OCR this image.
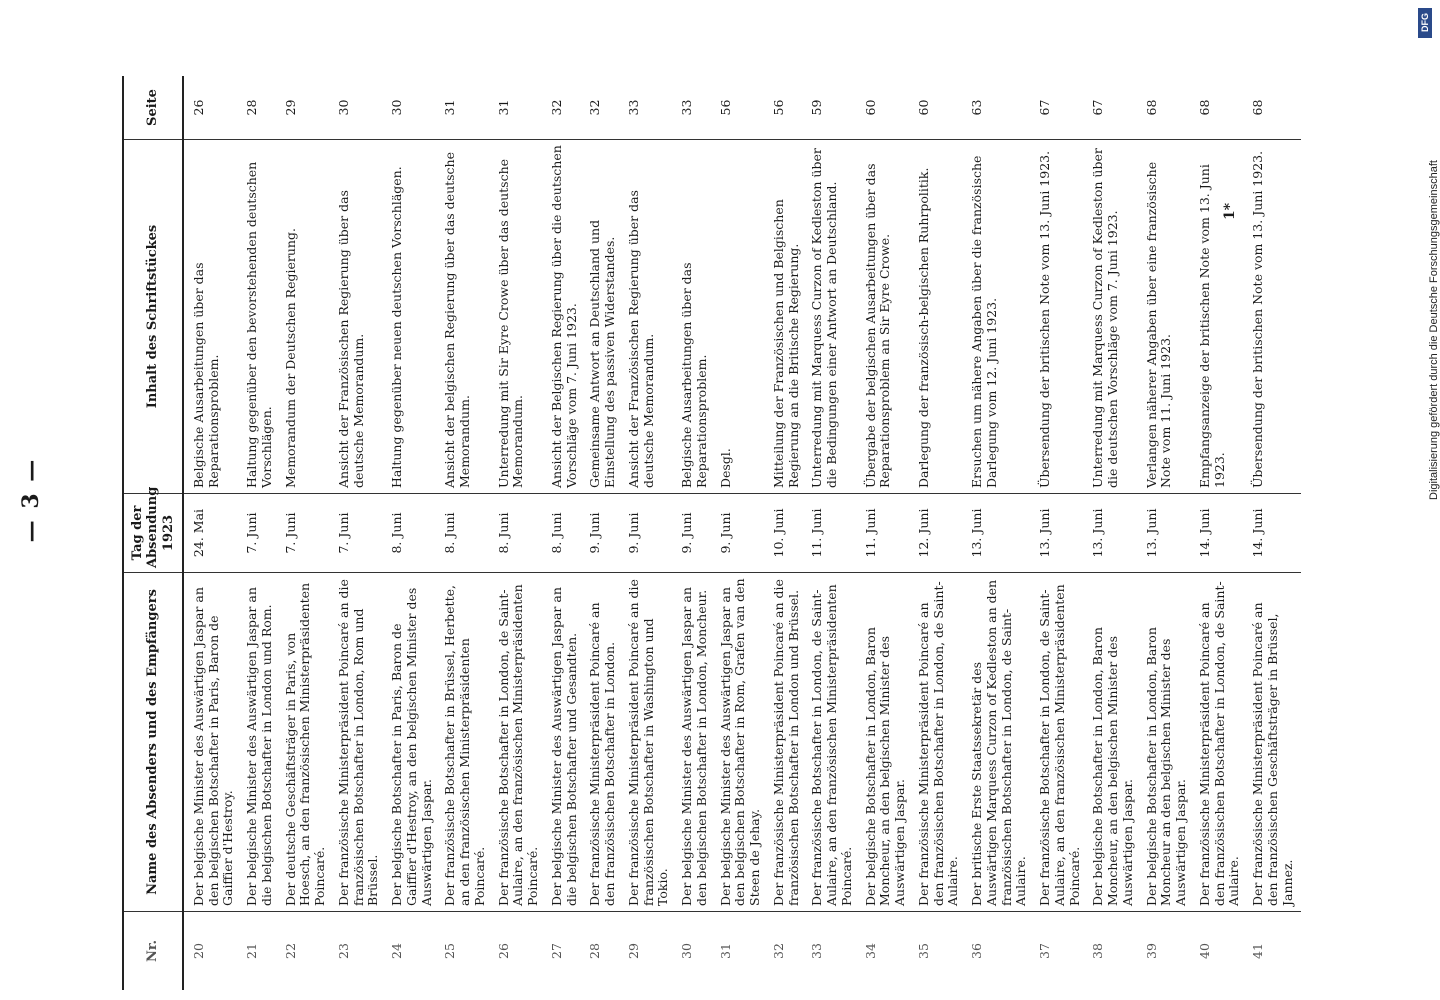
— 3 —
Nr.	Name des Absenders und des Empfängers	Tag der Absendung 1923	Inhalt des Schriftstückes	Seite
20	Der belgische Minister des Auswärtigen Jaspar an den belgischen Botschafter in Paris, Baron de Gaiffier d'Hestroy.	24. Mai	Belgische Ausarbeitungen über das Reparationsproblem.	26
21	Der belgische Minister des Auswärtigen Jaspar an die belgischen Botschafter in London und Rom.	7. Juni	Haltung gegenüber den bevorstehenden deutschen Vorschlägen.	28
22	Der deutsche Geschäftsträger in Paris, von Hoesch, an den französischen Ministerpräsidenten Poincaré.	7. Juni	Memorandum der Deutschen Regierung.	29
23	Der französische Ministerpräsident Poincaré an die französischen Botschafter in London, Rom und Brüssel.	7. Juni	Ansicht der Französischen Regierung über das deutsche Memorandum.	30
24	Der belgische Botschafter in Paris, Baron de Gaiffier d'Hestroy, an den belgischen Minister des Auswärtigen Jaspar.	8. Juni	Haltung gegenüber neuen deutschen Vorschlägen.	30
25	Der französische Botschafter in Brüssel, Herbette, an den französischen Ministerpräsidenten Poincaré.	8. Juni	Ansicht der belgischen Regierung über das deutsche Memorandum.	31
26	Der französische Botschafter in London, de Saint-Aulaire, an den französischen Ministerpräsidenten Poincaré.	8. Juni	Unterredung mit Sir Eyre Crowe über das deutsche Memorandum.	31
27	Der belgische Minister des Auswärtigen Jaspar an die belgischen Botschafter und Gesandten.	8. Juni	Ansicht der Belgischen Regierung über die deutschen Vorschläge vom 7. Juni 1923.	32
28	Der französische Ministerpräsident Poincaré an den französischen Botschafter in London.	9. Juni	Gemeinsame Antwort an Deutschland und Einstellung des passiven Widerstandes.	32
29	Der französische Ministerpräsident Poincaré an die französischen Botschafter in Washington und Tokio.	9. Juni	Ansicht der Französischen Regierung über das deutsche Memorandum.	33
30	Der belgische Minister des Auswärtigen Jaspar an den belgischen Botschafter in London, Moncheur.	9. Juni	Belgische Ausarbeitungen über das Reparationsproblem.	33
31	Der belgische Minister des Auswärtigen Jaspar an den belgischen Botschafter in Rom, Grafen van den Steen de Jehay.	9. Juni	Desgl.	56
32	Der französische Ministerpräsident Poincaré an die französischen Botschafter in London und Brüssel.	10. Juni	Mitteilung der Französischen und Belgischen Regierung an die Britische Regierung.	56
33	Der französische Botschafter in London, de Saint-Aulaire, an den französischen Ministerpräsidenten Poincaré.	11. Juni	Unterredung mit Marquess Curzon of Kedleston über die Bedingungen einer Antwort an Deutschland.	59
34	Der belgische Botschafter in London, Baron Moncheur, an den belgischen Minister des Auswärtigen Jaspar.	11. Juni	Übergabe der belgischen Ausarbeitungen über das Reparationsproblem an Sir Eyre Crowe.	60
35	Der französische Ministerpräsident Poincaré an den französischen Botschafter in London, de Saint-Aulaire.	12. Juni	Darlegung der französisch-belgischen Ruhrpolitik.	60
36	Der britische Erste Staatssekretär des Auswärtigen Marquess Curzon of Kedleston an den französischen Botschafter in London, de Saint-Aulaire.	13. Juni	Ersuchen um nähere Angaben über die französische Darlegung vom 12. Juni 1923.	63
37	Der französische Botschafter in London, de Saint-Aulaire, an den französischen Ministerpräsidenten Poincaré.	13. Juni	Übersendung der britischen Note vom 13. Juni 1923.	67
38	Der belgische Botschafter in London, Baron Moncheur, an den belgischen Minister des Auswärtigen Jaspar.	13. Juni	Unterredung mit Marquess Curzon of Kedleston über die deutschen Vorschläge vom 7. Juni 1923.	67
39	Der belgische Botschafter in London, Baron Moncheur an den belgischen Minister des Auswärtigen Jaspar.	13. Juni	Verlangen näherer Angaben über eine französische Note vom 11. Juni 1923.	68
40	Der französische Ministerpräsident Poincaré an den französischen Botschafter in London, de Saint-Aulaire.	14. Juni	Empfangsanzeige der britischen Note vom 13. Juni 1923.	68
41	Der französische Ministerpräsident Poincaré an den französischen Geschäftsträger in Brüssel, Jannez.	14. Juni	Übersendung der britischen Note vom 13. Juni 1923.	68
1*
DFG
Digitalisierung gefördert durch die Deutsche Forschungsgemeinschaft
